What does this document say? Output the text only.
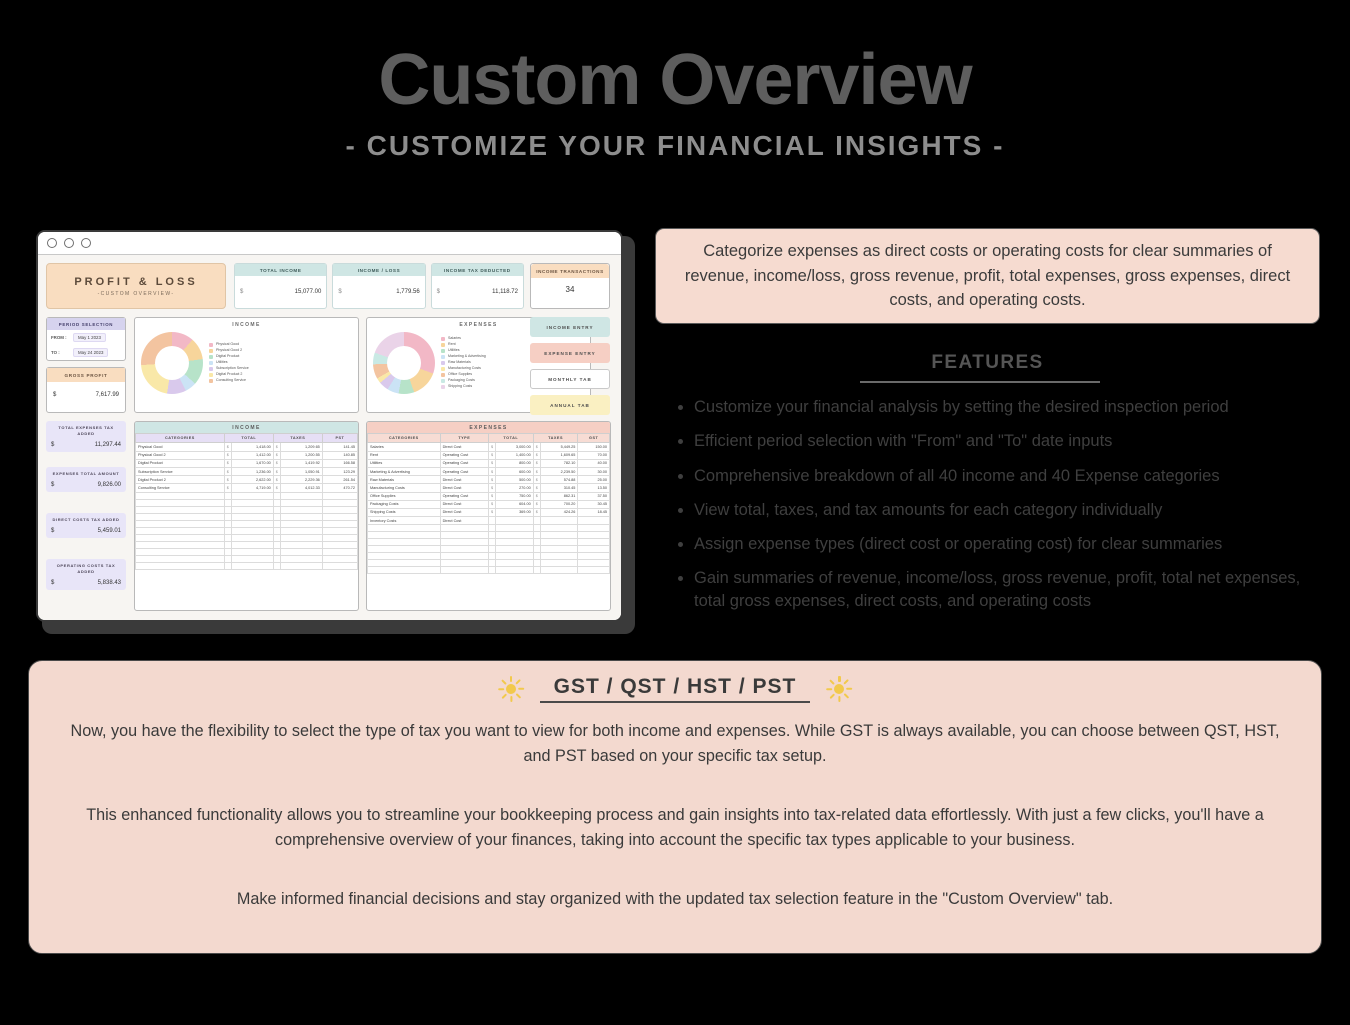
Custom Overview
- CUSTOMIZE YOUR FINANCIAL INSIGHTS -
PROFIT & LOSS
-CUSTOM OVERVIEW-
TOTAL INCOME
$	15,077.00
INCOME / LOSS
$	1,779.56
INCOME TAX DEDUCTED
$	11,118.72
INCOME TRANSACTIONS
34
PERIOD SELECTION
FROM :	May 1 2023
TO :	May 24 2023
GROSS PROFIT
$	7,617.99
INCOME
Physical Good
Physical Good 2
Digital Product
Utilities
Subscription Service
Digital Product 2
Consulting Service
EXPENSES
Salaries
Rent
Utilities
Marketing & Advertising
Raw Materials
Manufacturing Costs
Office Supplies
Packaging Costs
Shipping Costs
INCOME ENTRY
EXPENSE ENTRY
MONTHLY TAB
ANNUAL TAB
TOTAL EXPENSES TAX ADDED
$	11,297.44
EXPENSES TOTAL AMOUNT
$	9,826.00
DIRECT COSTS TAX ADDED
$	5,459.01
OPERATING COSTS TAX ADDED
$	5,838.43
INCOME
CATEGORIES	TOTAL		TAXES		PST
Physical Good	$	1,418.00	$	1,209.65	141.45
Physical Good 2	$	1,412.00	$	1,200.55	140.85
Digital Product	$	1,670.00	$	1,419.92	166.58
Subscription Service	$	1,236.00	$	1,050.91	123.29
Digital Product 2	$	2,622.00	$	2,229.36	261.54
Consulting Service	$	4,719.00	$	4,012.33	470.72

EXPENSES
CATEGORIES	TYPE	TOTAL		TAXES		GST
Salaries	Direct Cost	$	3,000.00	$	5,449.25	150.00
Rent	Operating Cost	$	1,400.00	$	1,609.65	70.00
Utilities	Operating Cost	$	800.00	$	782.10	40.00
Marketing & Advertising	Operating Cost	$	600.00	$	2,239.50	30.00
Raw Materials	Direct Cost	$	500.00	$	574.88	25.00
Manufacturing Costs	Direct Cost	$	270.00	$	310.45	13.50
Office Supplies	Operating Cost	$	750.00	$	862.31	37.50
Packaging Costs	Direct Cost	$	604.00	$	700.20	30.45
Shipping Costs	Direct Cost	$	369.00	$	424.26	18.45
Inventory Costs	Direct Cost					

Categorize expenses as direct costs or operating costs for clear summaries of revenue, income/loss, gross revenue, profit, total expenses, gross expenses, direct costs, and operating costs.

FEATURES
• Customize your financial analysis by setting the desired inspection period
• Efficient period selection with "From" and "To" date inputs
• Comprehensive breakdown of all 40 income and 40 Expense categories
• View total, taxes, and tax amounts for each category individually
• Assign expense types (direct cost or operating cost) for clear summaries
• Gain summaries of revenue, income/loss, gross revenue, profit, total net expenses, total gross expenses, direct costs, and operating costs
GST / QST / HST / PST

Now, you have the flexibility to select the type of tax you want to view for both income and expenses. While GST is always available, you can choose between QST, HST, and PST based on your specific tax setup.

This enhanced functionality allows you to streamline your bookkeeping process and gain insights into tax-related data effortlessly. With just a few clicks, you'll have a comprehensive overview of your finances, taking into account the specific tax types applicable to your business.

Make informed financial decisions and stay organized with the updated tax selection feature in the "Custom Overview" tab.
